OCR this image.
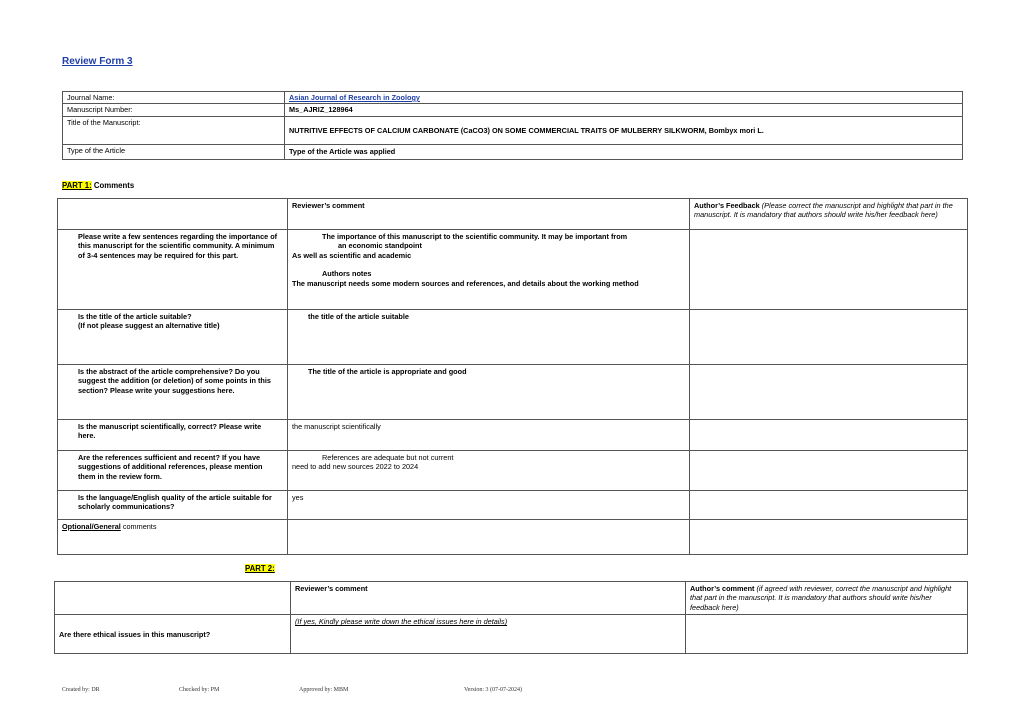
Review Form 3
Journal Name:	Asian Journal of Research in Zoology
Manuscript Number:	Ms_AJRIZ_128964
Title of the Manuscript:	NUTRITIVE EFFECTS OF CALCIUM CARBONATE (CaCO3) ON SOME COMMERCIAL TRAITS OF MULBERRY SILKWORM, Bombyx mori L.
Type of the Article	Type of the Article was applied
PART 1: Comments
	Reviewer’s comment	Author’s Feedback (Please correct the manuscript and highlight that part in the manuscript. It is mandatory that authors should write his/her feedback here)
Please write a few sentences regarding the importance of this manuscript for the scientific community. A minimum of 3-4 sentences may be required for this part.	The importance of this manuscript to the scientific community. It may be important from
an economic standpoint
As well as scientific and academic
Authors notes
The manuscript needs some modern sources and references, and details about the working method	

Is the title of the article suitable?
(If not please suggest an alternative title)	the title of the article suitable	
Is the abstract of the article comprehensive? Do you suggest the addition (or deletion) of some points in this section? Please write your suggestions here.	The title of the article is appropriate and good	
Is the manuscript scientifically, correct? Please write here.	the manuscript scientifically	
Are the references sufficient and recent? If you have suggestions of additional references, please mention them in the review form.	References are adequate but not current
need to add new sources 2022 to 2024	

Is the language/English quality of the article suitable for scholarly communications?	yes	
Optional/General comments		
PART 2:
	Reviewer’s comment	Author’s comment (if agreed with reviewer, correct the manuscript and highlight that part in the manuscript. It is mandatory that authors should write his/her feedback here)
Are there ethical issues in this manuscript?	(If yes, Kindly please write down the ethical issues here in details)	
Created by: DR	Checked by: PM	Approved by: MBM	Version: 3 (07-07-2024)
